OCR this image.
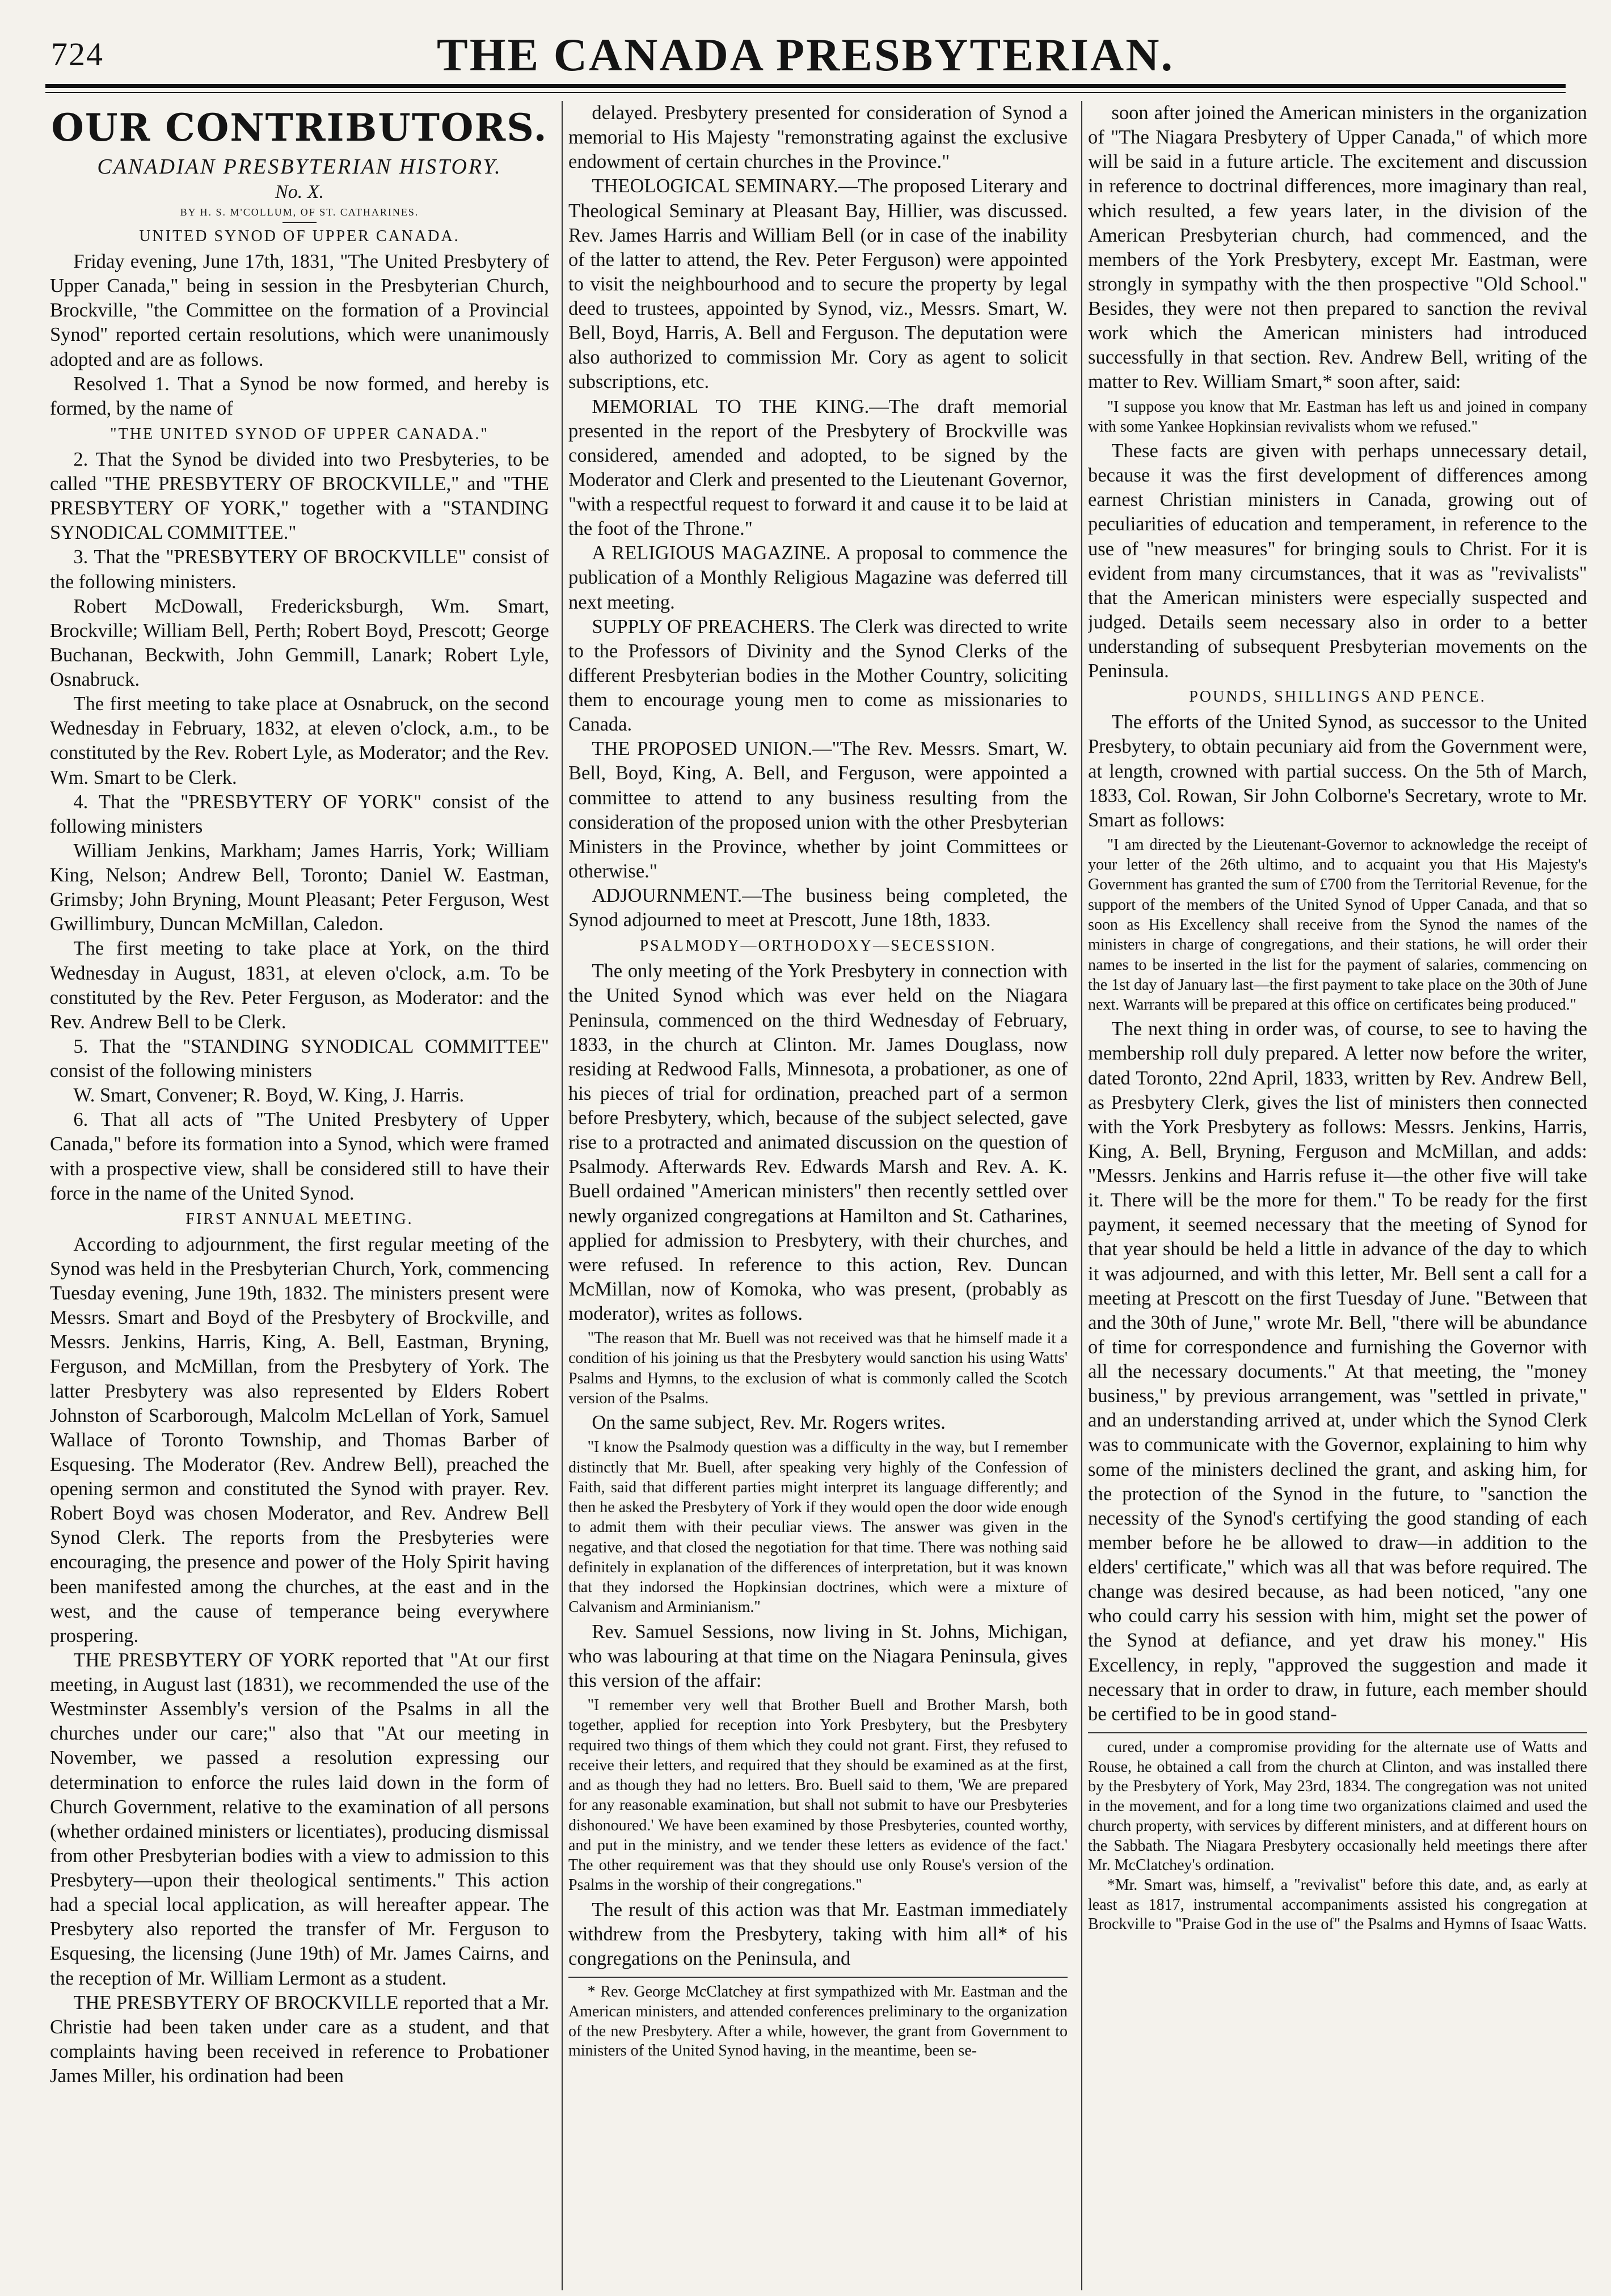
724	THE CANADA PRESBYTERIAN.
OUR CONTRIBUTORS.
CANADIAN PRESBYTERIAN HISTORY.
No. X.
BY H. S. M'COLLUM, OF ST. CATHARINES.

UNITED SYNOD OF UPPER CANADA.

Friday evening, June 17th, 1831, "The United Presbytery of Upper Canada," being in session in the Presbyterian Church, Brockville, "the Committee on the formation of a Provincial Synod" reported certain resolutions, which were unanimously adopted and are as follows.

Resolved 1. That a Synod be now formed, and hereby is formed, by the name of

"THE UNITED SYNOD OF UPPER CANADA."

2. That the Synod be divided into two Presbyteries, to be called "THE PRESBYTERY OF BROCKVILLE," and "THE PRESBYTERY OF YORK," together with a "STANDING SYNODICAL COMMITTEE."

3. That the "PRESBYTERY OF BROCKVILLE" consist of the following ministers.

Robert McDowall, Fredericksburgh, Wm. Smart, Brockville; William Bell, Perth; Robert Boyd, Prescott; George Buchanan, Beckwith, John Gemmill, Lanark; Robert Lyle, Osnabruck.

The first meeting to take place at Osnabruck, on the second Wednesday in February, 1832, at eleven o'clock, a.m., to be constituted by the Rev. Robert Lyle, as Moderator; and the Rev. Wm. Smart to be Clerk.

4. That the "PRESBYTERY OF YORK" consist of the following ministers

William Jenkins, Markham; James Harris, York; William King, Nelson; Andrew Bell, Toronto; Daniel W. Eastman, Grimsby; John Bryning, Mount Pleasant; Peter Ferguson, West Gwillimbury, Duncan McMillan, Caledon.

The first meeting to take place at York, on the third Wednesday in August, 1831, at eleven o'clock, a.m. To be constituted by the Rev. Peter Ferguson, as Moderator: and the Rev. Andrew Bell to be Clerk.

5. That the "STANDING SYNODICAL COMMITTEE" consist of the following ministers

W. Smart, Convener; R. Boyd, W. King, J. Harris.

6. That all acts of "The United Presbytery of Upper Canada," before its formation into a Synod, which were framed with a prospective view, shall be considered still to have their force in the name of the United Synod.

FIRST ANNUAL MEETING.

According to adjournment, the first regular meeting of the Synod was held in the Presbyterian Church, York, commencing Tuesday evening, June 19th, 1832. The ministers present were Messrs. Smart and Boyd of the Presbytery of Brockville, and Messrs. Jenkins, Harris, King, A. Bell, Eastman, Bryning, Ferguson, and McMillan, from the Presbytery of York. The latter Presbytery was also represented by Elders Robert Johnston of Scarborough, Malcolm McLellan of York, Samuel Wallace of Toronto Township, and Thomas Barber of Esquesing. The Moderator (Rev. Andrew Bell), preached the opening sermon and constituted the Synod with prayer. Rev. Robert Boyd was chosen Moderator, and Rev. Andrew Bell Synod Clerk. The reports from the Presbyteries were encouraging, the presence and power of the Holy Spirit having been manifested among the churches, at the east and in the west, and the cause of temperance being everywhere prospering.

THE PRESBYTERY OF YORK reported that "At our first meeting, in August last (1831), we recommended the use of the Westminster Assembly's version of the Psalms in all the churches under our care;" also that "At our meeting in November, we passed a resolution expressing our determination to enforce the rules laid down in the form of Church Government, relative to the examination of all persons (whether ordained ministers or licentiates), producing dismissal from other Presbyterian bodies with a view to admission to this Presbytery—upon their theological sentiments." This action had a special local application, as will hereafter appear. The Presbytery also reported the transfer of Mr. Ferguson to Esquesing, the licensing (June 19th) of Mr. James Cairns, and the reception of Mr. William Lermont as a student.

THE PRESBYTERY OF BROCKVILLE reported that a Mr. Christie had been taken under care as a student, and that complaints having been received in reference to Probationer James Miller, his ordination had been

delayed. Presbytery presented for consideration of Synod a memorial to His Majesty "remonstrating against the exclusive endowment of certain churches in the Province."

THEOLOGICAL SEMINARY.—The proposed Literary and Theological Seminary at Pleasant Bay, Hillier, was discussed. Rev. James Harris and William Bell (or in case of the inability of the latter to attend, the Rev. Peter Ferguson) were appointed to visit the neighbourhood and to secure the property by legal deed to trustees, appointed by Synod, viz., Messrs. Smart, W. Bell, Boyd, Harris, A. Bell and Ferguson. The deputation were also authorized to commission Mr. Cory as agent to solicit subscriptions, etc.

MEMORIAL TO THE KING.—The draft memorial presented in the report of the Presbytery of Brockville was considered, amended and adopted, to be signed by the Moderator and Clerk and presented to the Lieutenant Governor, "with a respectful request to forward it and cause it to be laid at the foot of the Throne."

A RELIGIOUS MAGAZINE. A proposal to commence the publication of a Monthly Religious Magazine was deferred till next meeting.

SUPPLY OF PREACHERS. The Clerk was directed to write to the Professors of Divinity and the Synod Clerks of the different Presbyterian bodies in the Mother Country, soliciting them to encourage young men to come as missionaries to Canada.

THE PROPOSED UNION.—"The Rev. Messrs. Smart, W. Bell, Boyd, King, A. Bell, and Ferguson, were appointed a committee to attend to any business resulting from the consideration of the proposed union with the other Presbyterian Ministers in the Province, whether by joint Committees or otherwise."

ADJOURNMENT.—The business being completed, the Synod adjourned to meet at Prescott, June 18th, 1833.

PSALMODY—ORTHODOXY—SECESSION.

The only meeting of the York Presbytery in connection with the United Synod which was ever held on the Niagara Peninsula, commenced on the third Wednesday of February, 1833, in the church at Clinton. Mr. James Douglass, now residing at Redwood Falls, Minnesota, a probationer, as one of his pieces of trial for ordination, preached part of a sermon before Presbytery, which, because of the subject selected, gave rise to a protracted and animated discussion on the question of Psalmody. Afterwards Rev. Edwards Marsh and Rev. A. K. Buell ordained "American ministers" then recently settled over newly organized congregations at Hamilton and St. Catharines, applied for admission to Presbytery, with their churches, and were refused. In reference to this action, Rev. Duncan McMillan, now of Komoka, who was present, (probably as moderator), writes as follows.

"The reason that Mr. Buell was not received was that he himself made it a condition of his joining us that the Presbytery would sanction his using Watts' Psalms and Hymns, to the exclusion of what is commonly called the Scotch version of the Psalms.

On the same subject, Rev. Mr. Rogers writes.

"I know the Psalmody question was a difficulty in the way, but I remember distinctly that Mr. Buell, after speaking very highly of the Confession of Faith, said that different parties might interpret its language differently; and then he asked the Presbytery of York if they would open the door wide enough to admit them with their peculiar views. The answer was given in the negative, and that closed the negotiation for that time. There was nothing said definitely in explanation of the differences of interpretation, but it was known that they indorsed the Hopkinsian doctrines, which were a mixture of Calvanism and Arminianism."

Rev. Samuel Sessions, now living in St. Johns, Michigan, who was labouring at that time on the Niagara Peninsula, gives this version of the affair:

"I remember very well that Brother Buell and Brother Marsh, both together, applied for reception into York Presbytery, but the Presbytery required two things of them which they could not grant. First, they refused to receive their letters, and required that they should be examined as at the first, and as though they had no letters. Bro. Buell said to them, 'We are prepared for any reasonable examination, but shall not submit to have our Presbyteries dishonoured.' We have been examined by those Presbyteries, counted worthy, and put in the ministry, and we tender these letters as evidence of the fact.' The other requirement was that they should use only Rouse's version of the Psalms in the worship of their congregations."

The result of this action was that Mr. Eastman immediately withdrew from the Presbytery, taking with him all* of his congregations on the Peninsula, and

* Rev. George McClatchey at first sympathized with Mr. Eastman and the American ministers, and attended conferences preliminary to the organization of the new Presbytery. After a while, however, the grant from Government to ministers of the United Synod having, in the meantime, been se-

soon after joined the American ministers in the organization of "The Niagara Presbytery of Upper Canada," of which more will be said in a future article. The excitement and discussion in reference to doctrinal differences, more imaginary than real, which resulted, a few years later, in the division of the American Presbyterian church, had commenced, and the members of the York Presbytery, except Mr. Eastman, were strongly in sympathy with the then prospective "Old School." Besides, they were not then prepared to sanction the revival work which the American ministers had introduced successfully in that section. Rev. Andrew Bell, writing of the matter to Rev. William Smart,* soon after, said:

"I suppose you know that Mr. Eastman has left us and joined in company with some Yankee Hopkinsian revivalists whom we refused."

These facts are given with perhaps unnecessary detail, because it was the first development of differences among earnest Christian ministers in Canada, growing out of peculiarities of education and temperament, in reference to the use of "new measures" for bringing souls to Christ. For it is evident from many circumstances, that it was as "revivalists" that the American ministers were especially suspected and judged. Details seem necessary also in order to a better understanding of subsequent Presbyterian movements on the Peninsula.

POUNDS, SHILLINGS AND PENCE.

The efforts of the United Synod, as successor to the United Presbytery, to obtain pecuniary aid from the Government were, at length, crowned with partial success. On the 5th of March, 1833, Col. Rowan, Sir John Colborne's Secretary, wrote to Mr. Smart as follows:

"I am directed by the Lieutenant-Governor to acknowledge the receipt of your letter of the 26th ultimo, and to acquaint you that His Majesty's Government has granted the sum of £700 from the Territorial Revenue, for the support of the members of the United Synod of Upper Canada, and that so soon as His Excellency shall receive from the Synod the names of the ministers in charge of congregations, and their stations, he will order their names to be inserted in the list for the payment of salaries, commencing on the 1st day of January last—the first payment to take place on the 30th of June next. Warrants will be prepared at this office on certificates being produced."

The next thing in order was, of course, to see to having the membership roll duly prepared. A letter now before the writer, dated Toronto, 22nd April, 1833, written by Rev. Andrew Bell, as Presbytery Clerk, gives the list of ministers then connected with the York Presbytery as follows: Messrs. Jenkins, Harris, King, A. Bell, Bryning, Ferguson and McMillan, and adds: "Messrs. Jenkins and Harris refuse it—the other five will take it. There will be the more for them." To be ready for the first payment, it seemed necessary that the meeting of Synod for that year should be held a little in advance of the day to which it was adjourned, and with this letter, Mr. Bell sent a call for a meeting at Prescott on the first Tuesday of June. "Between that and the 30th of June," wrote Mr. Bell, "there will be abundance of time for correspondence and furnishing the Governor with all the necessary documents." At that meeting, the "money business," by previous arrangement, was "settled in private," and an understanding arrived at, under which the Synod Clerk was to communicate with the Governor, explaining to him why some of the ministers declined the grant, and asking him, for the protection of the Synod in the future, to "sanction the necessity of the Synod's certifying the good standing of each member before he be allowed to draw—in addition to the elders' certificate," which was all that was before required. The change was desired because, as had been noticed, "any one who could carry his session with him, might set the power of the Synod at defiance, and yet draw his money." His Excellency, in reply, "approved the suggestion and made it necessary that in order to draw, in future, each member should be certified to be in good stand-

cured, under a compromise providing for the alternate use of Watts and Rouse, he obtained a call from the church at Clinton, and was installed there by the Presbytery of York, May 23rd, 1834. The congregation was not united in the movement, and for a long time two organizations claimed and used the church property, with services by different ministers, and at different hours on the Sabbath. The Niagara Presbytery occasionally held meetings there after Mr. McClatchey's ordination.

*Mr. Smart was, himself, a "revivalist" before this date, and, as early at least as 1817, instrumental accompaniments assisted his congregation at Brockville to "Praise God in the use of" the Psalms and Hymns of Isaac Watts.
